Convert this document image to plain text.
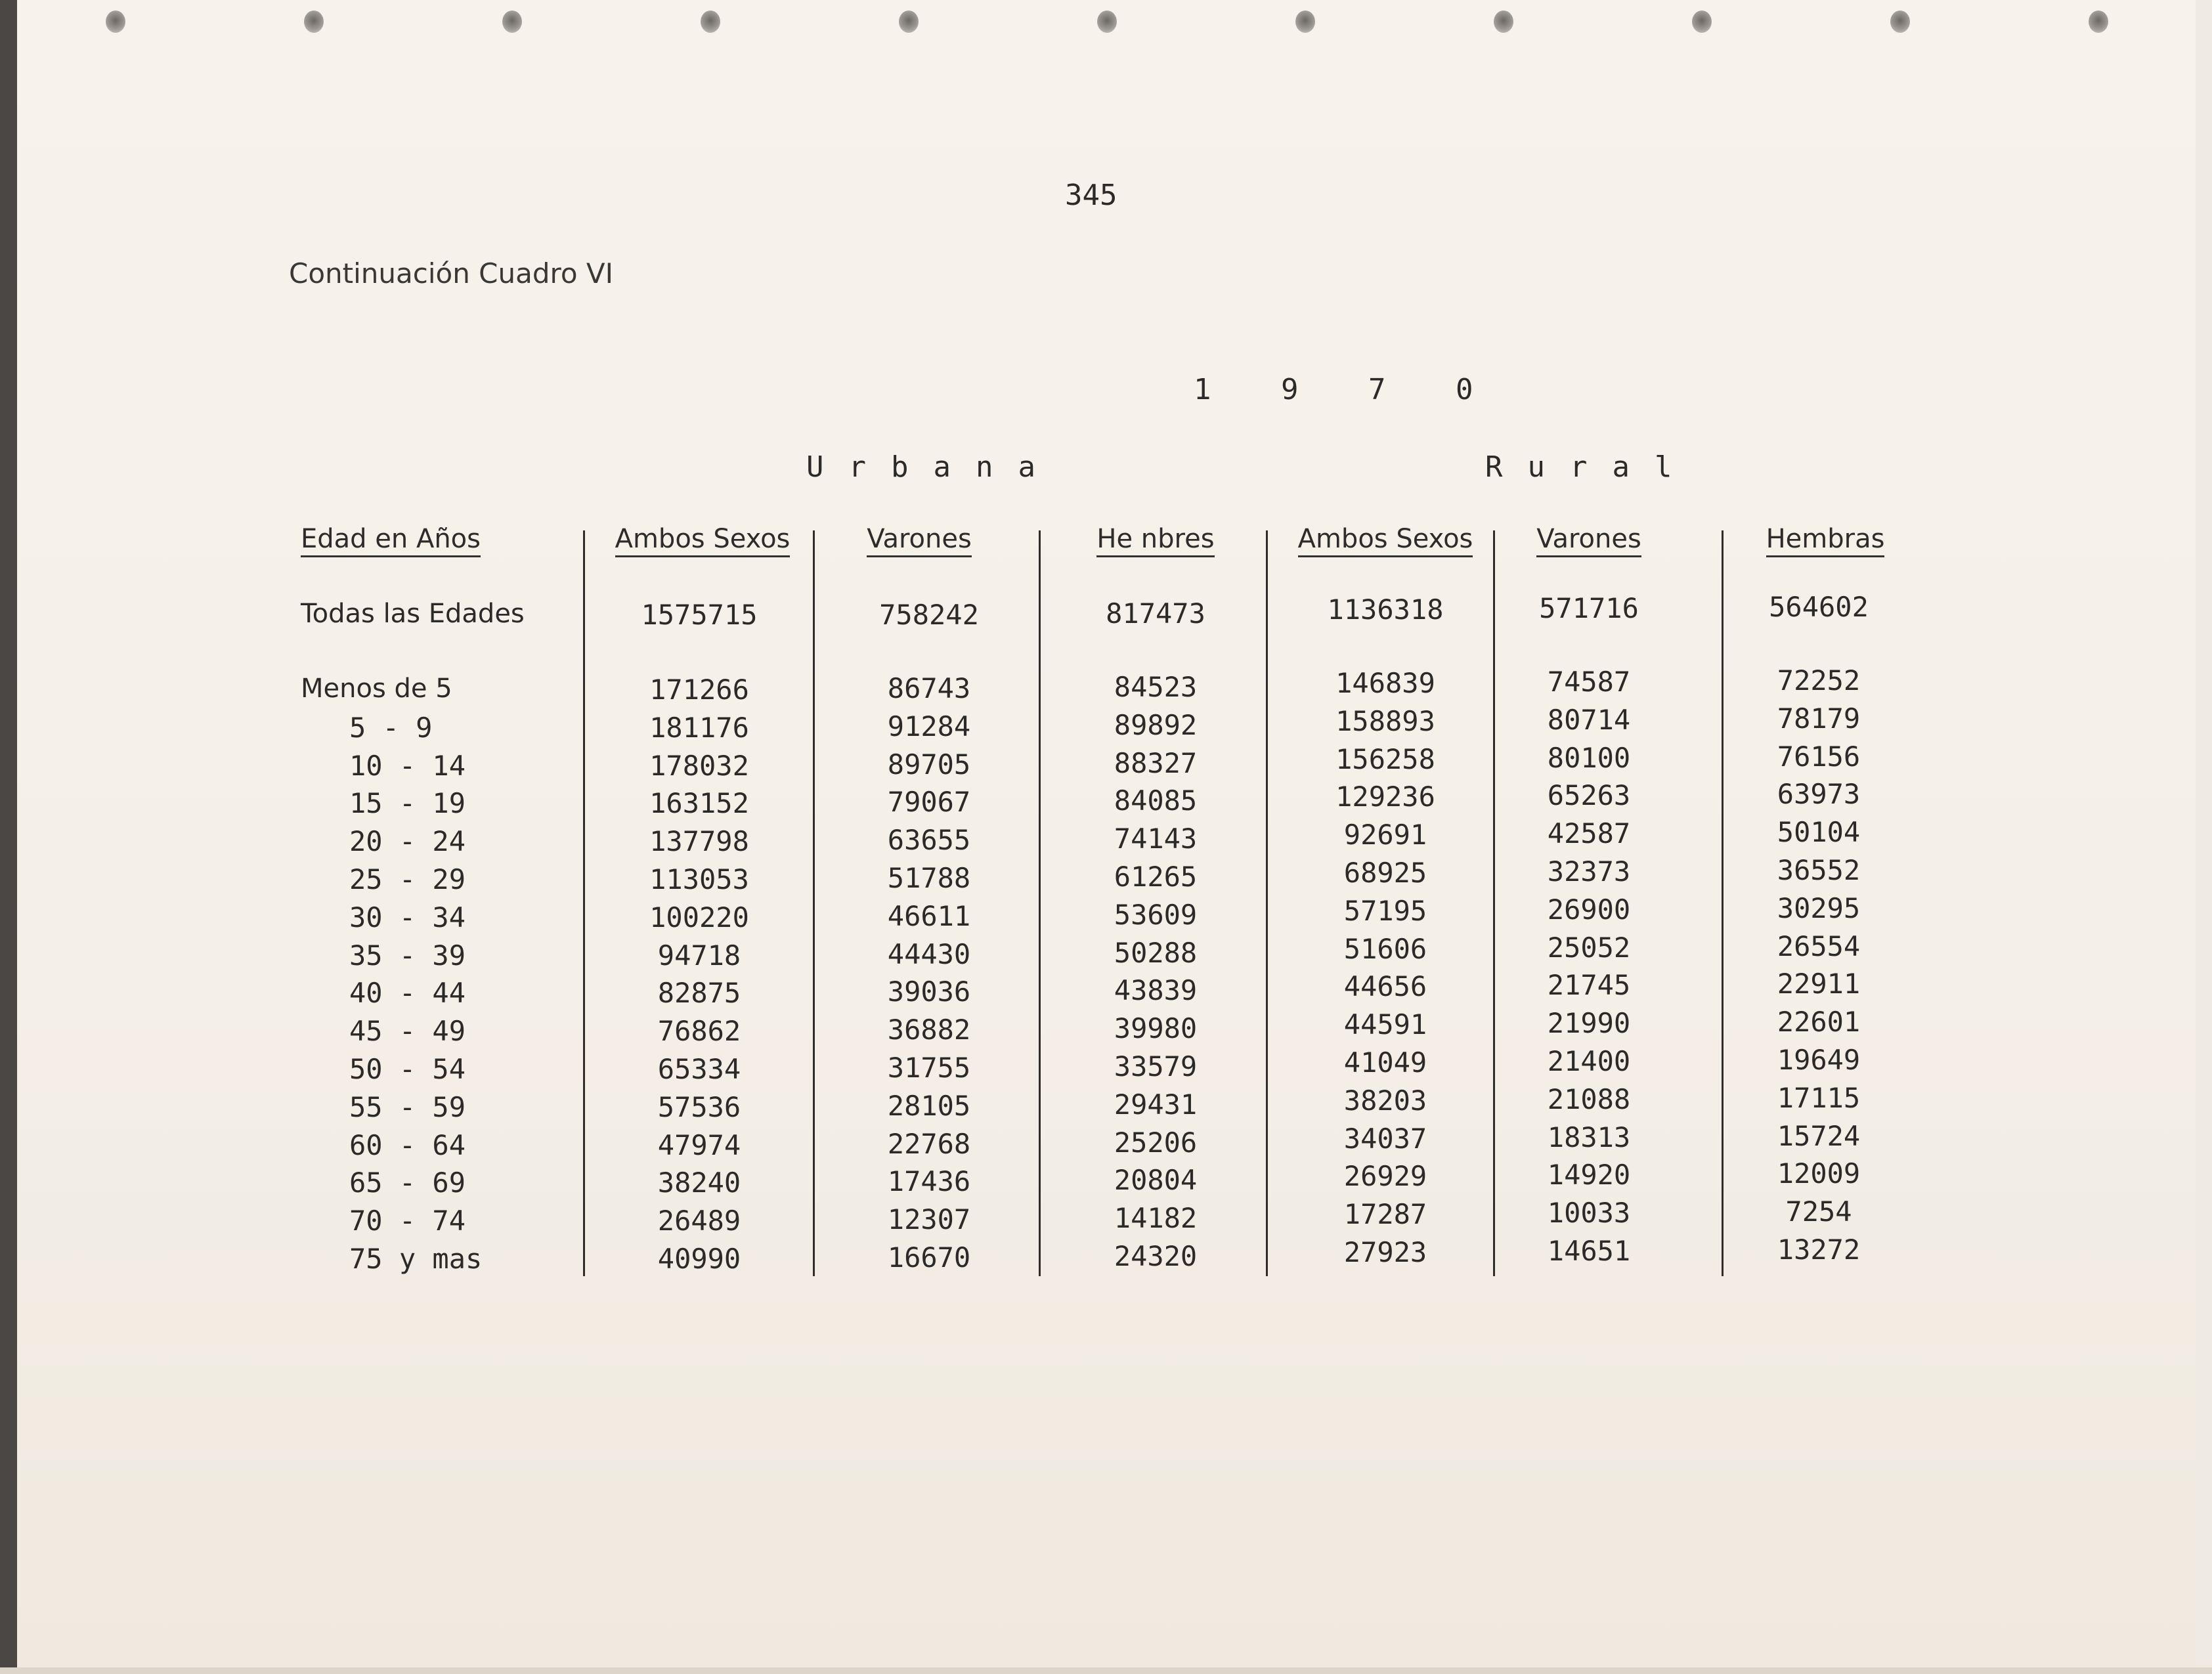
345
Continuación Cuadro VI
1 9 7 0
Urbana	Rural
Edad en Años	Ambos Sexos	Varones	He nbres	Ambos Sexos	Varones	Hembras
Todas las Edades	1575715	758242	817473	1136318	571716	564602
Menos de 5	171266	86743	84523	146839	74587	72252
5 - 9	181176	91284	89892	158893	80714	78179
10 - 14	178032	89705	88327	156258	80100	76156
15 - 19	163152	79067	84085	129236	65263	63973
20 - 24	137798	63655	74143	92691	42587	50104
25 - 29	113053	51788	61265	68925	32373	36552
30 - 34	100220	46611	53609	57195	26900	30295
35 - 39	94718	44430	50288	51606	25052	26554
40 - 44	82875	39036	43839	44656	21745	22911
45 - 49	76862	36882	39980	44591	21990	22601
50 - 54	65334	31755	33579	41049	21400	19649
55 - 59	57536	28105	29431	38203	21088	17115
60 - 64	47974	22768	25206	34037	18313	15724
65 - 69	38240	17436	20804	26929	14920	12009
70 - 74	26489	12307	14182	17287	10033	7254
75 y mas	40990	16670	24320	27923	14651	13272
